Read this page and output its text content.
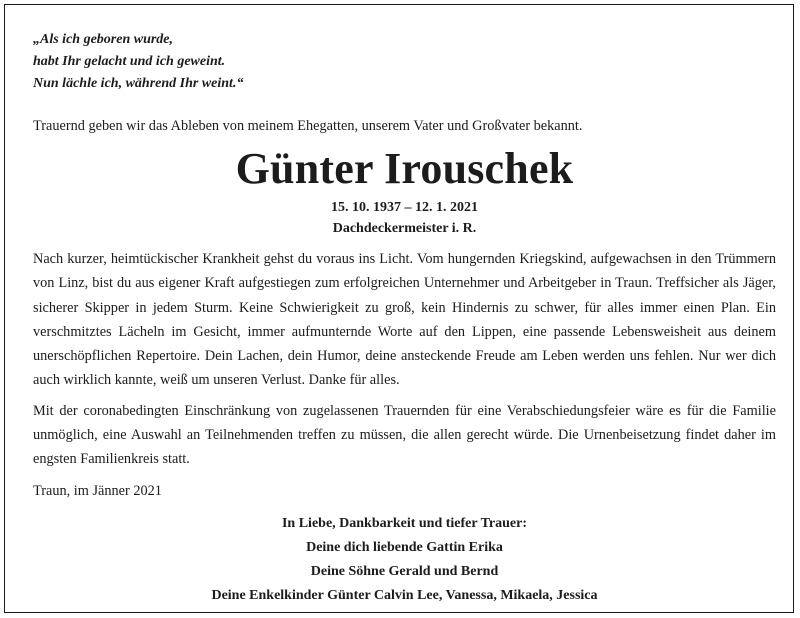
„Als ich geboren wurde,
habt Ihr gelacht und ich geweint.
Nun lächle ich, während Ihr weint.“

Trauernd geben wir das Ableben von meinem Ehegatten, unserem Vater und Großvater bekannt.

Günter Irouschek

15. 10. 1937 – 12. 1. 2021

Dachdeckermeister i. R.

Nach kurzer, heimtückischer Krankheit gehst du voraus ins Licht. Vom hungernden Kriegskind, aufgewachsen in den Trümmern von Linz, bist du aus eigener Kraft aufgestiegen zum erfolgreichen Unternehmer und Arbeitgeber in Traun. Treffsicher als Jäger, sicherer Skipper in jedem Sturm. Keine Schwierigkeit zu groß, kein Hindernis zu schwer, für alles immer einen Plan. Ein verschmitztes Lächeln im Gesicht, immer aufmunternde Worte auf den Lippen, eine passende Lebensweisheit aus deinem unerschöpflichen Repertoire. Dein Lachen, dein Humor, deine ansteckende Freude am Leben werden uns fehlen. Nur wer dich auch wirklich kannte, weiß um unseren Verlust. Danke für alles.

Mit der coronabedingten Einschränkung von zugelassenen Trauernden für eine Verabschiedungsfeier wäre es für die Familie unmöglich, eine Auswahl an Teilnehmenden treffen zu müssen, die allen gerecht würde. Die Urnenbeisetzung findet daher im engsten Familienkreis statt.

Traun, im Jänner 2021

In Liebe, Dankbarkeit und tiefer Trauer:
Deine dich liebende Gattin Erika
Deine Söhne Gerald und Bernd
Deine Enkelkinder Günter Calvin Lee, Vanessa, Mikaela, Jessica
